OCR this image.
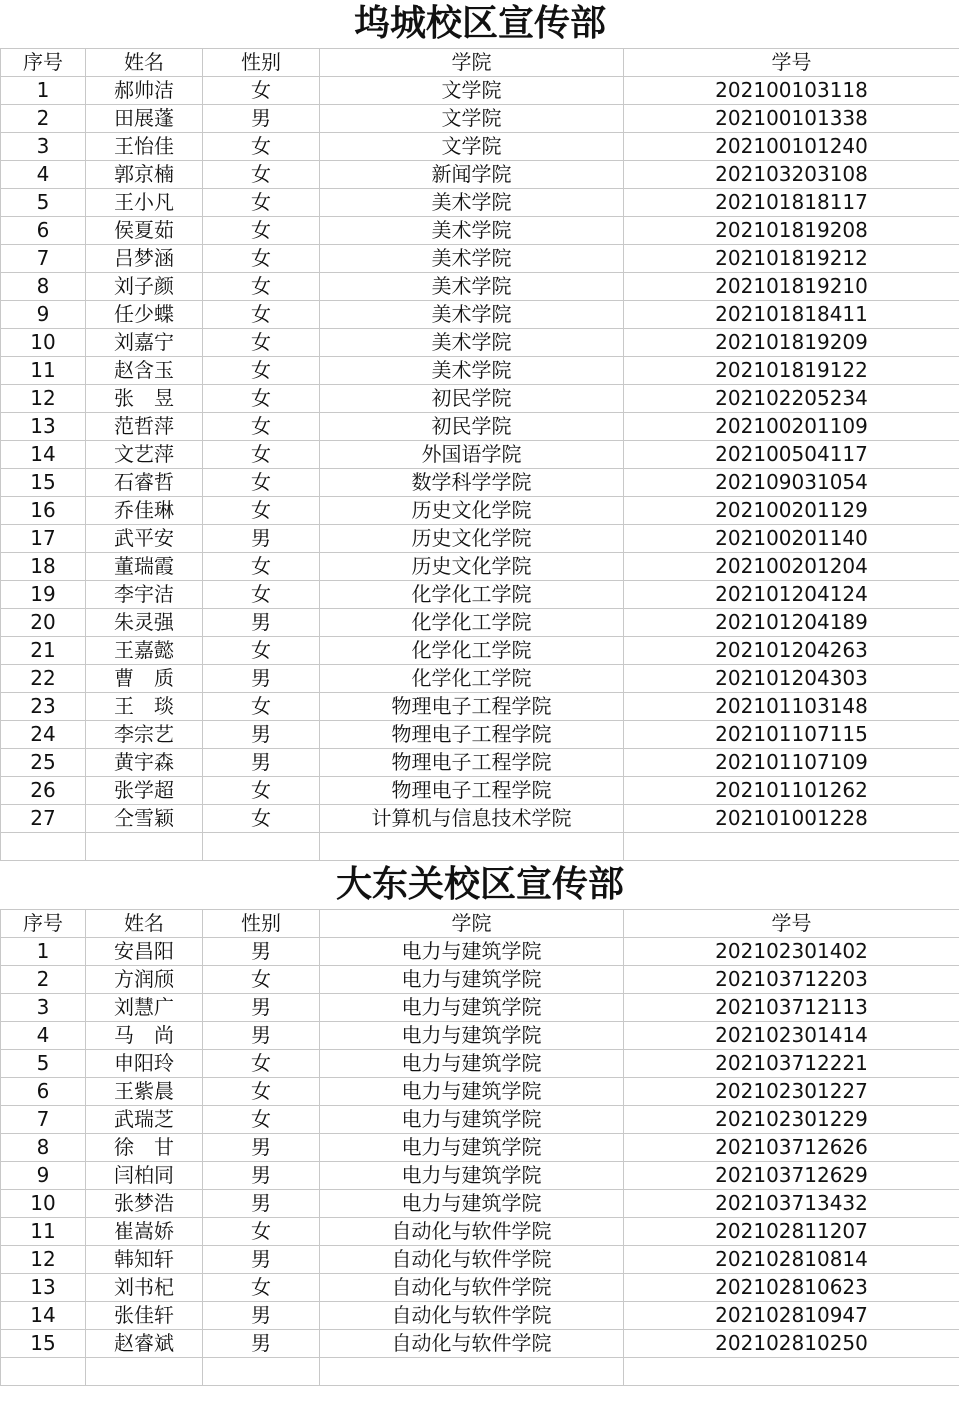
坞城校区宣传部				
序号	姓名	性别	学院	学号
1	郝帅洁	女	文学院	202100103118
2	田展蓬	男	文学院	202100101338
3	王怡佳	女	文学院	202100101240
4	郭京楠	女	新闻学院	202103203108
5	王小凡	女	美术学院	202101818117
6	侯夏茹	女	美术学院	202101819208
7	吕梦涵	女	美术学院	202101819212
8	刘子颜	女	美术学院	202101819210
9	任少蝶	女	美术学院	202101818411
10	刘嘉宁	女	美术学院	202101819209
11	赵含玉	女	美术学院	202101819122
12	张　昱	女	初民学院	202102205234
13	范哲萍	女	初民学院	202100201109
14	文艺萍	女	外国语学院	202100504117
15	石睿哲	女	数学科学学院	202109031054
16	乔佳琳	女	历史文化学院	202100201129
17	武平安	男	历史文化学院	202100201140
18	董瑞霞	女	历史文化学院	202100201204
19	李宇洁	女	化学化工学院	202101204124
20	朱灵强	男	化学化工学院	202101204189
21	王嘉懿	女	化学化工学院	202101204263
22	曹　质	男	化学化工学院	202101204303
23	王　琰	女	物理电子工程学院	202101103148
24	李宗艺	男	物理电子工程学院	202101107115
25	黄宇森	男	物理电子工程学院	202101107109
26	张学超	女	物理电子工程学院	202101101262
27	仝雪颖	女	计算机与信息技术学院	202101001228

大东关校区宣传部				
序号	姓名	性别	学院	学号
1	安昌阳	男	电力与建筑学院	202102301402
2	方润颀	女	电力与建筑学院	202103712203
3	刘慧广	男	电力与建筑学院	202103712113
4	马　尚	男	电力与建筑学院	202102301414
5	申阳玲	女	电力与建筑学院	202103712221
6	王紫晨	女	电力与建筑学院	202102301227
7	武瑞芝	女	电力与建筑学院	202102301229
8	徐　甘	男	电力与建筑学院	202103712626
9	闫柏同	男	电力与建筑学院	202103712629
10	张梦浩	男	电力与建筑学院	202103713432
11	崔嵩娇	女	自动化与软件学院	202102811207
12	韩知轩	男	自动化与软件学院	202102810814
13	刘书杞	女	自动化与软件学院	202102810623
14	张佳轩	男	自动化与软件学院	202102810947
15	赵睿斌	男	自动化与软件学院	202102810250
